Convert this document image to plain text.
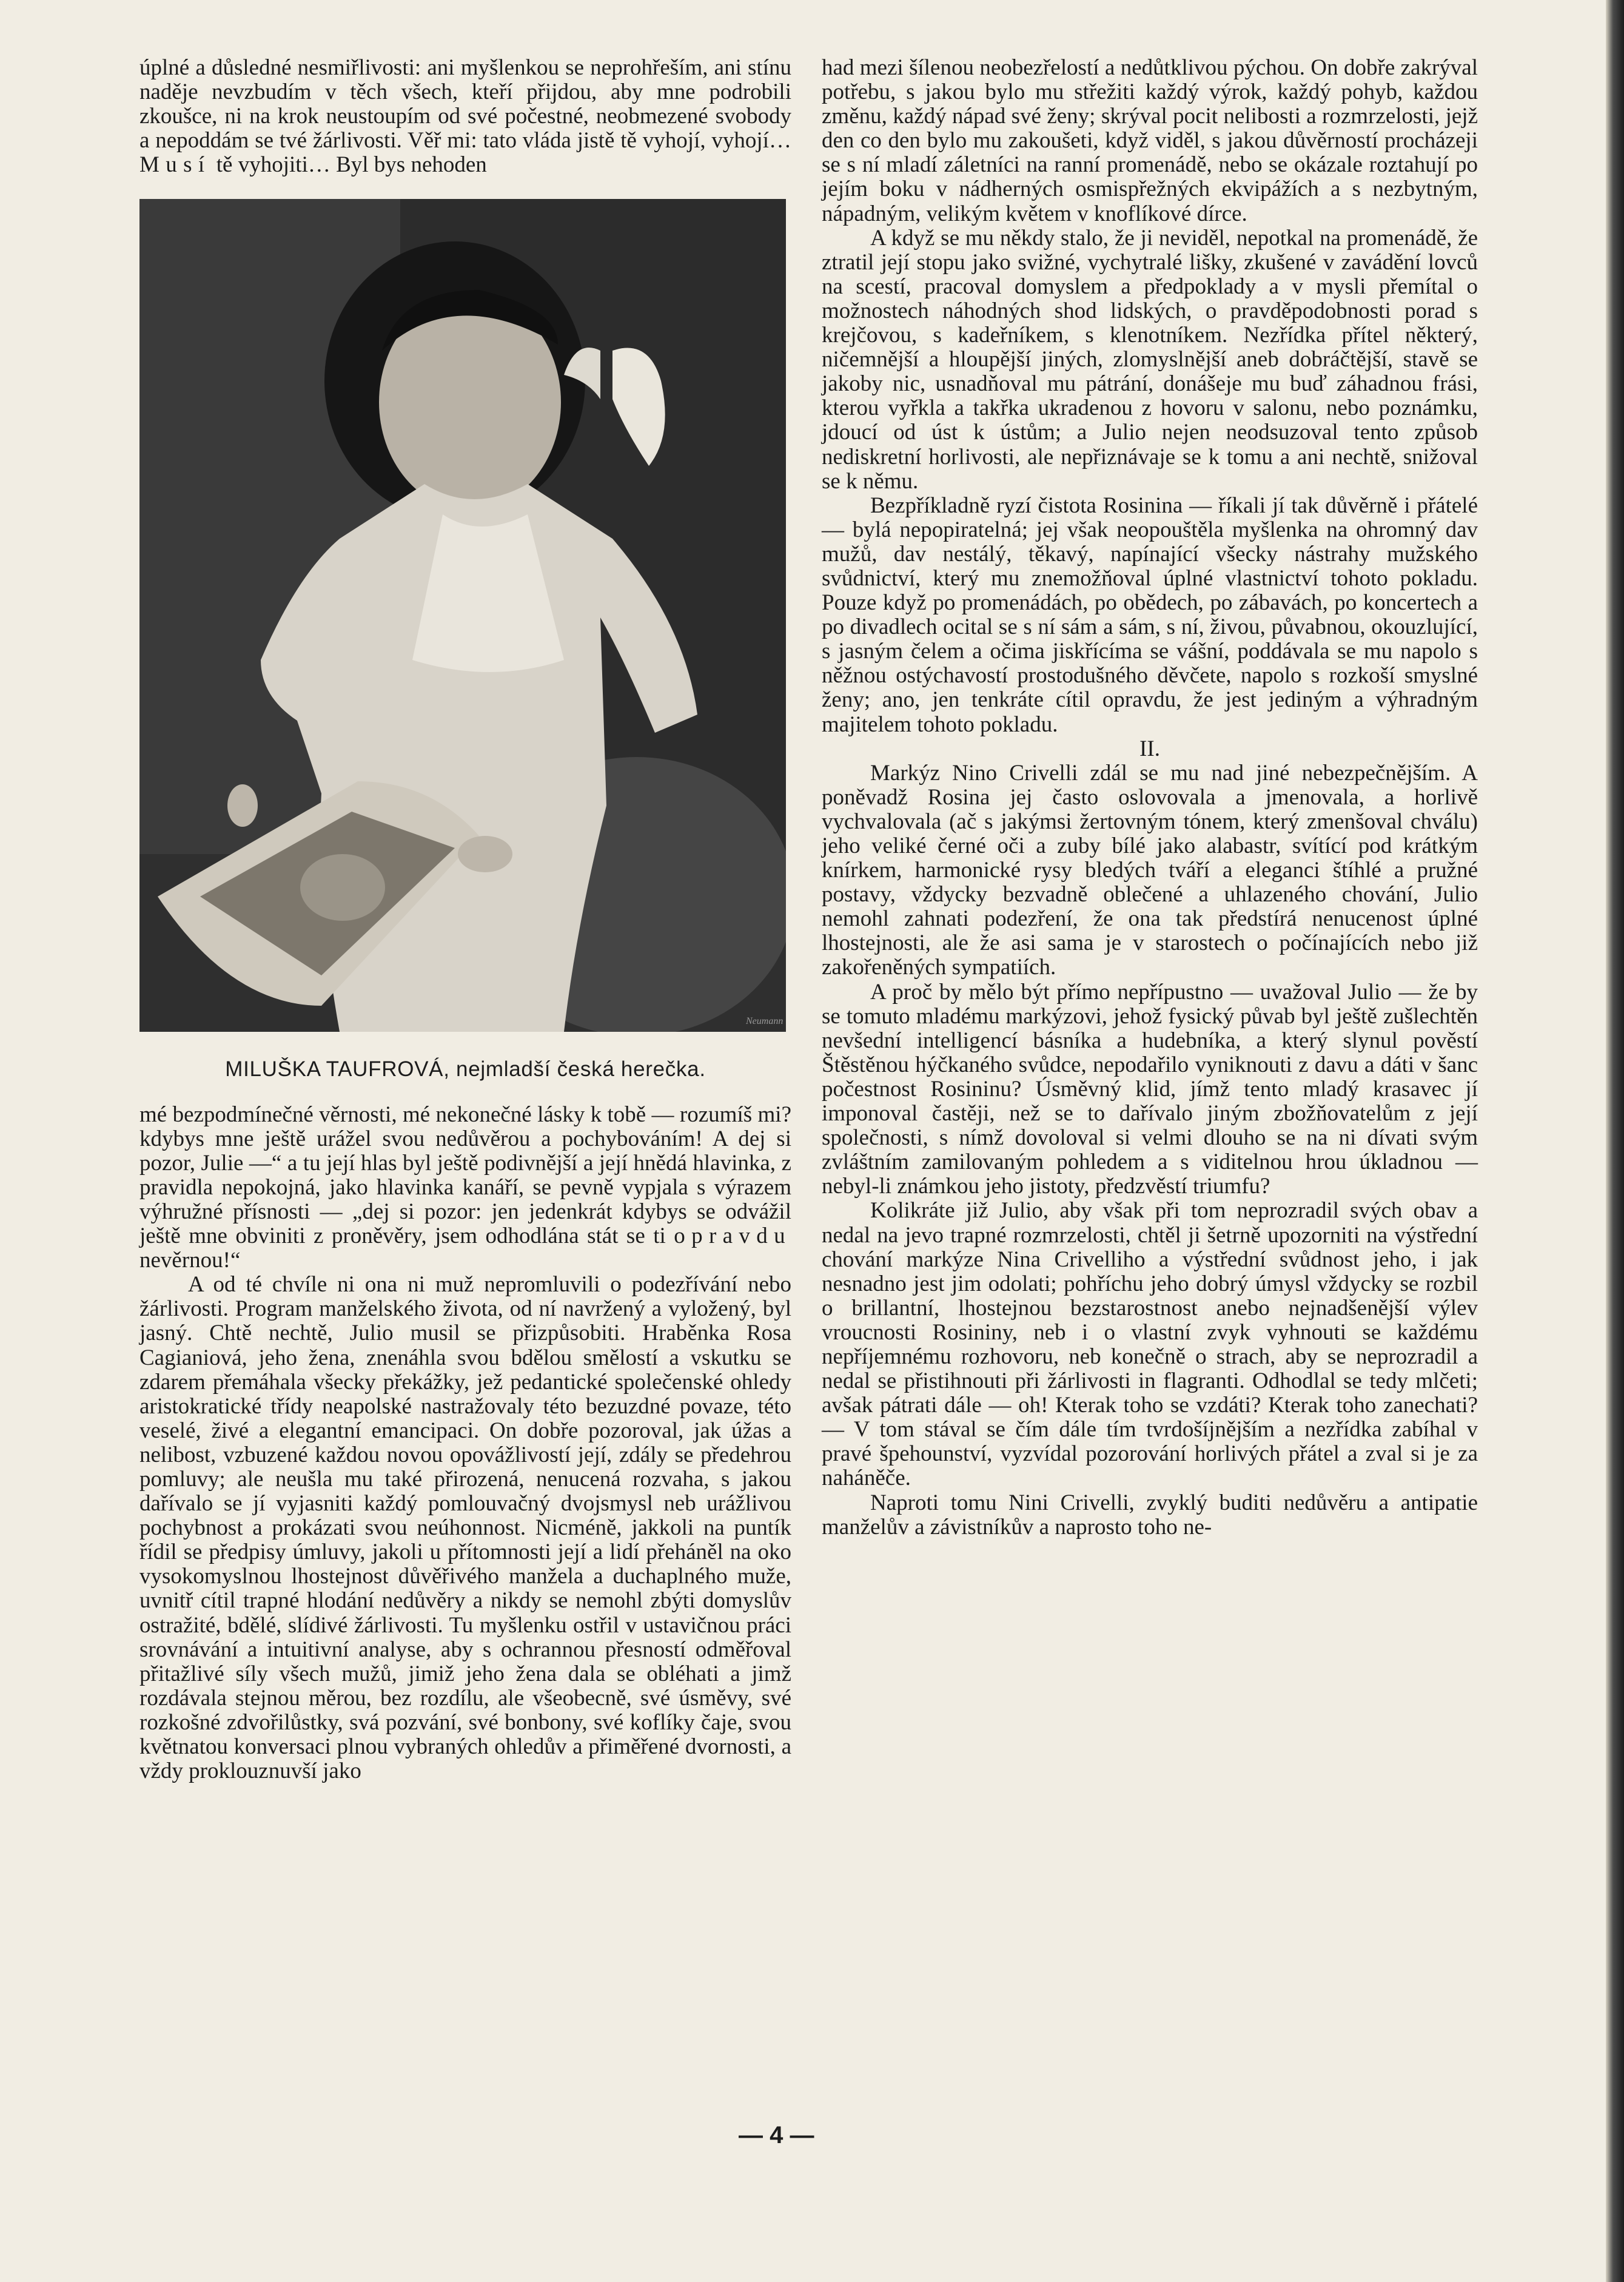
úplné a důsledné nesmiřlivosti: ani myšlenkou se neprohřeším, ani stínu naděje nevzbudím v těch všech, kteří přijdou, aby mne podrobili zkoušce, ni na krok neustoupím od své počestné, neobmezené svobody a nepoddám se tvé žárlivosti. Věř mi: tato vláda jistě tě vyhojí, vyhojí… Musí tě vyhojiti… Byl bys nehoden

Neumann
MILUŠKA TAUFROVÁ, nejmladší česká herečka.

mé bezpodmínečné věrnosti, mé nekonečné lásky k tobě — rozumíš mi? kdybys mne ještě urážel svou nedůvěrou a pochybováním! A dej si pozor, Julie —“ a tu její hlas byl ještě podivnější a její hnědá hlavinka, z pravidla nepokojná, jako hlavinka kanáří, se pevně vypjala s výrazem výhružné přísnosti — „dej si pozor: jen jedenkrát kdybys se odvážil ještě mne obviniti z proněvěry, jsem odhodlána stát se ti opravdu nevěrnou!“

A od té chvíle ni ona ni muž nepromluvili o podezřívání nebo žárlivosti. Program manželského života, od ní navržený a vyložený, byl jasný. Chtě nechtě, Julio musil se přizpůsobiti. Hraběnka Rosa Cagianiová, jeho žena, znenáhla svou bdělou smělostí a vskutku se zdarem přemáhala všecky překážky, jež pedantické společenské ohledy aristokratické třídy neapolské nastražovaly této bezuzdné povaze, této veselé, živé a elegantní emancipaci. On dobře pozoroval, jak úžas a nelibost, vzbuzené každou novou opovážlivostí její, zdály se předehrou pomluvy; ale neušla mu také přirozená, nenucená rozvaha, s jakou dařívalo se jí vyjasniti každý pomlouvačný dvojsmysl neb urážlivou pochybnost a prokázati svou neúhonnost. Nicméně, jakkoli na puntík řídil se předpisy úmluvy, jakoli u přítomnosti její a lidí přeháněl na oko vysokomyslnou lhostejnost důvěřivého manžela a duchaplného muže, uvnitř cítil trapné hlodání nedůvěry a nikdy se nemohl zbýti domyslův ostražité, bdělé, slídivé žárlivosti. Tu myšlenku ostřil v ustavičnou práci srovnávání a intuitivní analyse, aby s ochrannou přesností odměřoval přitažlivé síly všech mužů, jimiž jeho žena dala se obléhati a jimž rozdávala stejnou měrou, bez rozdílu, ale všeobecně, své úsměvy, své rozkošné zdvořilůstky, svá pozvání, své bonbony, své koflíky čaje, svou květnatou konversaci plnou vybraných ohledův a přiměřené dvornosti, a vždy proklouznuvší jako

had mezi šílenou neobezřelostí a nedůtklivou pýchou. On dobře zakrýval potřebu, s jakou bylo mu střežiti každý výrok, každý pohyb, každou změnu, každý nápad své ženy; skrýval pocit nelibosti a rozmrzelosti, jejž den co den bylo mu zakoušeti, když viděl, s jakou důvěrností procházeji se s ní mladí záletníci na ranní promenádě, nebo se okázale roztahují po jejím boku v nádherných osmispřežných ekvipážích a s nezbytným, nápadným, velikým květem v knoflíkové dírce.

A když se mu někdy stalo, že ji neviděl, nepotkal na promenádě, že ztratil její stopu jako svižné, vychytralé lišky, zkušené v zavádění lovců na scestí, pracoval domyslem a předpoklady a v mysli přemítal o možnostech náhodných shod lidských, o pravděpodobnosti porad s krejčovou, s kadeřníkem, s klenotníkem. Nezřídka přítel některý, ničemnější a hloupější jiných, zlomyslnější aneb dobráčtější, stavě se jakoby nic, usnadňoval mu pátrání, donášeje mu buď záhadnou frási, kterou vyřkla a takřka ukradenou z hovoru v salonu, nebo poznámku, jdoucí od úst k ústům; a Julio nejen neodsuzoval tento způsob nediskretní horlivosti, ale nepřiznávaje se k tomu a ani nechtě, snižoval se k němu.

Bezpříkladně ryzí čistota Rosinina — říkali jí tak důvěrně i přátelé — bylá nepopiratelná; jej však neopouštěla myšlenka na ohromný dav mužů, dav nestálý, těkavý, napínající všecky nástrahy mužského svůdnictví, který mu znemožňoval úplné vlastnictví tohoto pokladu. Pouze když po promenádách, po obědech, po zábavách, po koncertech a po divadlech ocital se s ní sám a sám, s ní, živou, půvabnou, okouzlující, s jasným čelem a očima jiskřícíma se vášní, poddávala se mu napolo s něžnou ostýchavostí prostodušného děvčete, napolo s rozkoší smyslné ženy; ano, jen tenkráte cítil opravdu, že jest jediným a výhradným majitelem tohoto pokladu.

II.

Markýz Nino Crivelli zdál se mu nad jiné nebezpečnějším. A poněvadž Rosina jej často oslovovala a jmenovala, a horlivě vychvalovala (ač s jakýmsi žertovným tónem, který zmenšoval chválu) jeho veliké černé oči a zuby bílé jako alabastr, svítící pod krátkým knírkem, harmonické rysy bledých tváří a eleganci štíhlé a pružné postavy, vždycky bezvadně oblečené a uhlazeného chování, Julio nemohl zahnati podezření, že ona tak předstírá nenucenost úplné lhostejnosti, ale že asi sama je v starostech o počínajících nebo již zakořeněných sympatiích.

A proč by mělo být přímo nepřípustno — uvažoval Julio — že by se tomuto mladému markýzovi, jehož fysický půvab byl ještě zušlechtěn nevšední intelligencí básníka a hudebníka, a který slynul pověstí Štěstěnou hýčkaného svůdce, nepodařilo vyniknouti z davu a dáti v šanc počestnost Rosininu? Úsměvný klid, jímž tento mladý krasavec jí imponoval častěji, než se to dařívalo jiným zbožňovatelům z její společnosti, s nímž dovoloval si velmi dlouho se na ni dívati svým zvláštním zamilovaným pohledem a s viditelnou hrou úkladnou — nebyl-li známkou jeho jistoty, předzvěstí triumfu?

Kolikráte již Julio, aby však při tom neprozradil svých obav a nedal na jevo trapné rozmrzelosti, chtěl ji šetrně upozorniti na výstřední chování markýze Nina Crivelliho a výstřední svůdnost jeho, i jak nesnadno jest jim odolati; pohříchu jeho dobrý úmysl vždycky se rozbil o brillantní, lhostejnou bezstarostnost anebo nejnadšenější výlev vroucnosti Rosininy, neb i o vlastní zvyk vyhnouti se každému nepříjemnému rozhovoru, neb konečně o strach, aby se neprozradil a nedal se přistihnouti při žárlivosti in flagranti. Odhodlal se tedy mlčeti; avšak pátrati dále — oh! Kterak toho se vzdáti? Kterak toho zanechati? — V tom stával se čím dále tím tvrdošíjnějším a nezřídka zabíhal v pravé špehounství, vyzvídal pozorování horlivých přátel a zval si je za naháněče.

Naproti tomu Nini Crivelli, zvyklý buditi nedůvěru a antipatie manželův a závistníkův a naprosto toho ne-

— 4 —
